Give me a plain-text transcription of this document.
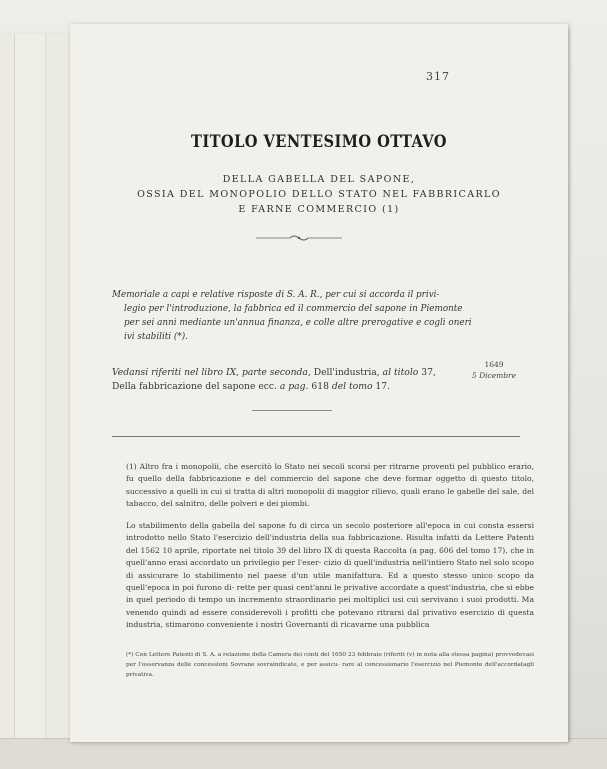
317
TITOLO VENTESIMO OTTAVO
DELLA GABELLA DEL SAPONE,
OSSIA DEL MONOPOLIO DELLO STATO NEL FABBRICARLO
E FARNE COMMERCIO (1)
Memoriale a capi e relative risposte di S. A. R., per cui si accorda il privi-
legio per l'introduzione, la fabbrica ed il commercio del sapone in Piemonte
per sei anni mediante un'annua finanza, e colle altre prerogative e cogli oneri
ivi stabiliti (*).
Vedansi riferiti nel libro IX, parte seconda, Dell'industria, al titolo 37, Della fabbricazione del sapone ecc. a pag. 618 del tomo 17.
1649
5 Dicembre
(1) Altro fra i monopolii, che esercitò lo Stato nei secoli scorsi per ritrarne proventi pel pubblico erario, fu quello della fabbricazione e del commercio del sapone che deve formar oggetto di questo titolo, successivo a quelli in cui si tratta di altri monopolii di maggior rilievo, quali erano le gabelle del sale, del tabacco, del salnitro, delle polveri e dei piombi.
Lo stabilimento della gabella del sapone fu di circa un secolo posteriore all'epoca in cui consta essersi introdotto nello Stato l'esercizio dell'industria della sua fabbricazione. Risulta infatti da Lettere Patenti del 1562 10 aprile, riportate nel titolo 39 del libro IX di questa Raccolta (a pag. 606 del tomo 17), che in quell'anno erasi accordato un privilegio per l'eser- cizio di quell'industria nell'intiero Stato nel solo scopo di assicurare lo stabilimento nel paese d'un utile manifattura. Ed a questo stesso unico scopo da quell'epoca in poi furono di- rette per quasi cent'anni le privative accordate a quest'industria, che si ebbe in quel periodo di tempo un incremento straordinario pei moltiplici usi cui servivano i suoi prodotti. Ma venendo quindi ad essere considerevoli i profitti che potevano ritrarsi dal privativo esercizio di questa industria, stimarono conveniente i nostri Governanti di ricavarne una pubblica
(*) Con Lettere Patenti di S. A. a relazione della Camera dei conti del 1650 23 febbraio (riferiti (v) in nota alla stessa pagina) provvedevasi per l'osservanza delle concessioni Sovrane sovraindicate, e per assicu- rare al concessionario l'esercizio nel Piemonte dell'accordatagli privativa.
